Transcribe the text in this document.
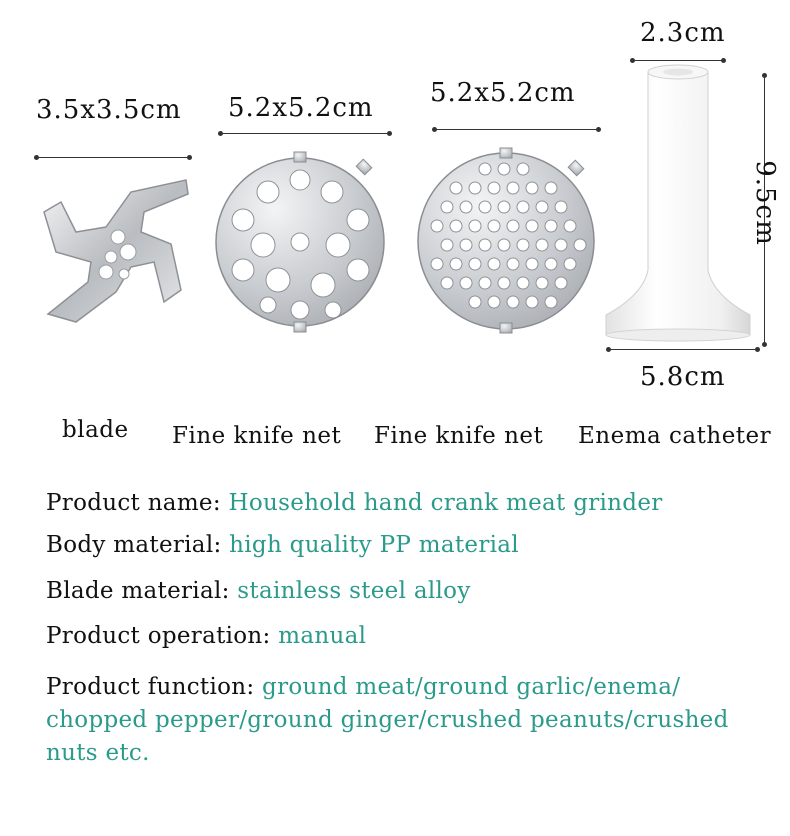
3.5x3.5cm
blade
5.2x5.2cm
Fine knife net
5.2x5.2cm
Fine knife net
2.3cm
9.5cm
5.8cm
Enema catheter
Product name: Household hand crank meat grinder
Body material: high quality PP material
Blade material: stainless steel alloy
Product operation: manual
Product function: ground meat/ground garlic/enema/ chopped pepper/ground ginger/crushed peanuts/crushed nuts etc.
